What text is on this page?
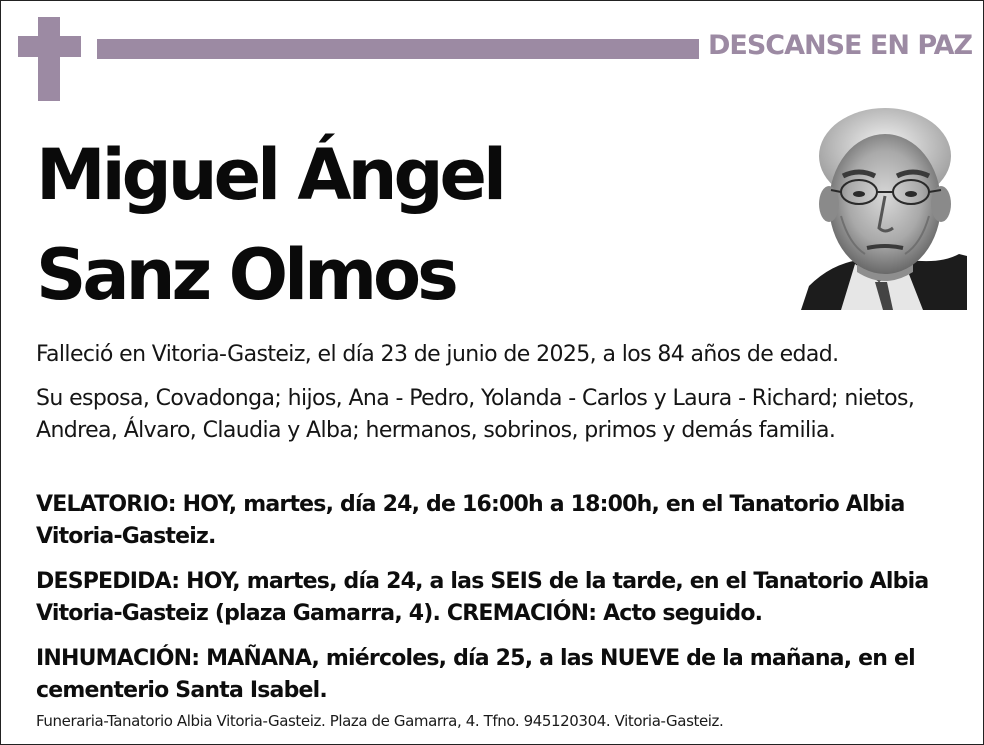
DESCANSE EN PAZ
Miguel Ángel
Sanz Olmos

Falleció en Vitoria-Gasteiz, el día 23 de junio de 2025, a los 84 años de edad.

Su esposa, Covadonga; hijos, Ana - Pedro, Yolanda - Carlos y Laura - Richard; nietos, Andrea, Álvaro, Claudia y Alba; hermanos, sobrinos, primos y demás familia.

VELATORIO: HOY, martes, día 24, de 16:00h a 18:00h, en el Tanatorio Albia Vitoria-Gasteiz.

DESPEDIDA: HOY, martes, día 24, a las SEIS de la tarde, en el Tanatorio Albia Vitoria-Gasteiz (plaza Gamarra, 4). CREMACIÓN: Acto seguido.

INHUMACIÓN: MAÑANA, miércoles, día 25, a las NUEVE de la mañana, en el cementerio Santa Isabel.

Funeraria-Tanatorio Albia Vitoria-Gasteiz. Plaza de Gamarra, 4. Tfno. 945120304. Vitoria-Gasteiz.
